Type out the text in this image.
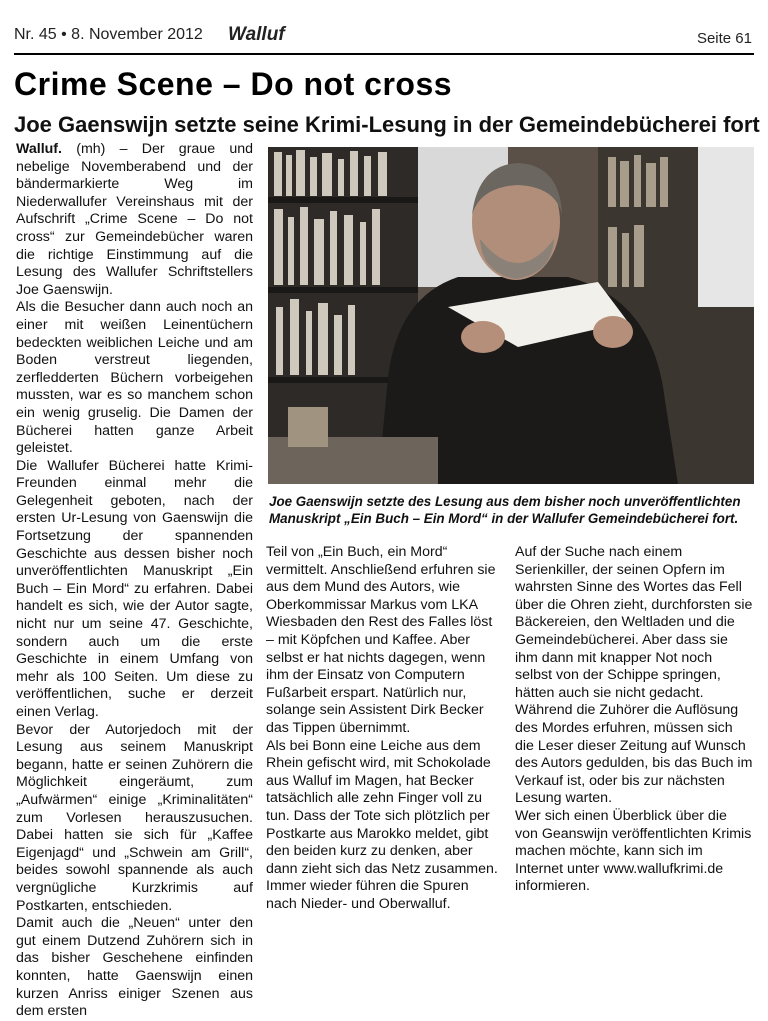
Nr. 45 • 8. November 2012 Walluf	Seite 61
Crime Scene – Do not cross
Joe Gaenswijn setzte seine Krimi-Lesung in der Gemeindebücherei fort

Walluf. (mh) – Der graue und nebelige Novemberabend und der bändermarkierte Weg im Niederwallufer Vereinshaus mit der Aufschrift „Crime Scene – Do not cross“ zur Gemeindebücher waren die richtige Einstimmung auf die Lesung des Wallufer Schriftstellers Joe Gaenswijn.

Als die Besucher dann auch noch an einer mit weißen Leinentüchern bedeckten weiblichen Leiche und am Boden verstreut liegenden, zerfledderten Büchern vorbeigehen mussten, war es so manchem schon ein wenig gruselig. Die Damen der Bücherei hatten ganze Arbeit geleistet.

Die Wallufer Bücherei hatte Krimi-Freunden einmal mehr die Gelegenheit geboten, nach der ersten Ur-Lesung von Gaenswijn die Fortsetzung der spannenden Geschichte aus dessen bisher noch unveröffentlichten Manuskript „Ein Buch – Ein Mord“ zu erfahren. Dabei handelt es sich, wie der Autor sagte, nicht nur um seine 47. Geschichte, sondern auch um die erste Geschichte in einem Umfang von mehr als 100 Seiten. Um diese zu veröffentlichen, suche er derzeit einen Verlag.

Bevor der Autorjedoch mit der Lesung aus seinem Manuskript begann, hatte er seinen Zuhörern die Möglichkeit eingeräumt, zum „Aufwärmen“ einige „Kriminalitäten“ zum Vorlesen herauszusuchen. Dabei hatten sie sich für „Kaffee Eigenjagd“ und „Schwein am Grill“, beides sowohl spannende als auch vergnügliche Kurzkrimis auf Postkarten, entschieden.

Damit auch die „Neuen“ unter den gut einem Dutzend Zuhörern sich in das bisher Geschehene einfinden konnten, hatte Gaenswijn einen kurzen Anriss einiger Szenen aus dem ersten

Joe Gaenswijn setzte des Lesung aus dem bisher noch unveröffentlichten Manuskript „Ein Buch – Ein Mord“ in der Wallufer Gemeindebücherei fort.

Teil von „Ein Buch, ein Mord“ vermittelt. Anschließend erfuhren sie aus dem Mund des Autors, wie Oberkommissar Markus vom LKA Wiesbaden den Rest des Falles löst – mit Köpfchen und Kaffee. Aber selbst er hat nichts dagegen, wenn ihm der Einsatz von Computern Fußarbeit erspart. Natürlich nur, solange sein Assistent Dirk Becker das Tippen übernimmt.

Als bei Bonn eine Leiche aus dem Rhein gefischt wird, mit Schokolade aus Walluf im Magen, hat Becker tatsächlich alle zehn Finger voll zu tun. Dass der Tote sich plötzlich per Postkarte aus Marokko meldet, gibt den beiden kurz zu denken, aber dann zieht sich das Netz zusammen. Immer wieder führen die Spuren nach Nieder- und Oberwalluf.

Auf der Suche nach einem Serienkiller, der seinen Opfern im wahrsten Sinne des Wortes das Fell über die Ohren zieht, durchforsten sie Bäckereien, den Weltladen und die Gemeindebücherei. Aber dass sie ihm dann mit knapper Not noch selbst von der Schippe springen, hätten auch sie nicht gedacht.

Während die Zuhörer die Auflösung des Mordes erfuhren, müssen sich die Leser dieser Zeitung auf Wunsch des Autors gedulden, bis das Buch im Verkauf ist, oder bis zur nächsten Lesung warten.

Wer sich einen Überblick über die von Geanswijn veröffentlichten Krimis machen möchte, kann sich im Internet unter www.wallufkrimi.de informieren.
